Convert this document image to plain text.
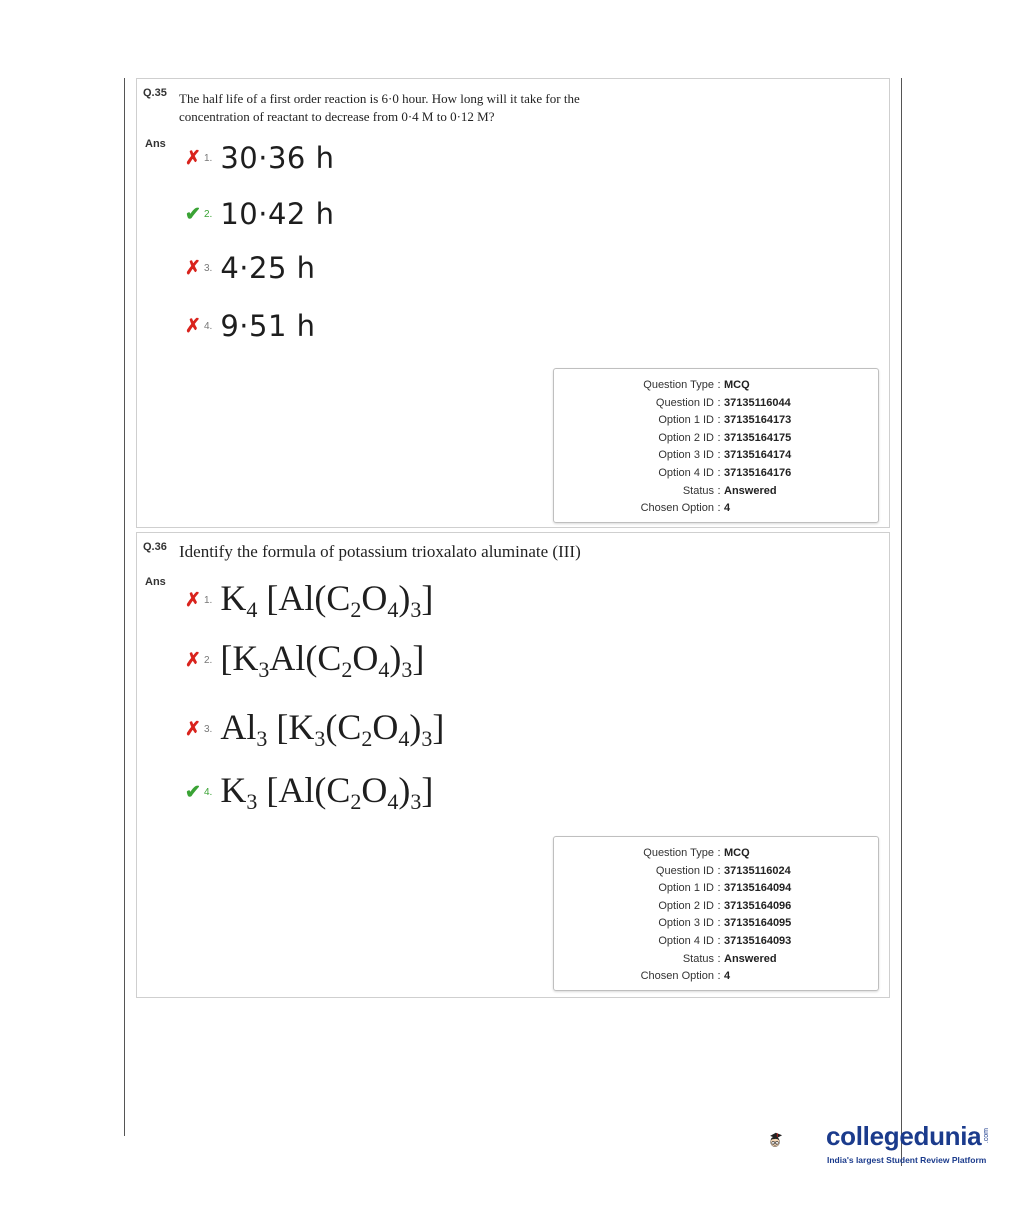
Q.35 The half life of a first order reaction is 6·0 hour. How long will it take for the
concentration of reactant to decrease from 0·4 M to 0·12 M?
Ans
✗ 1. 30·36 h
✔ 2. 10·42 h
✗ 3. 4·25 h
✗ 4. 9·51 h
Question Type : MCQ
Question ID : 37135116044
Option 1 ID : 37135164173
Option 2 ID : 37135164175
Option 3 ID : 37135164174
Option 4 ID : 37135164176
Status : Answered
Chosen Option : 4
Q.36 Identify the formula of potassium trioxalato aluminate (III)
Ans
✗ 1. $K_4$ $[Al(C_2O_4)_3]$
✗ 2. $[K_3Al(C_2O_4)_3]$
✗ 3. $Al_3$ $[K_3(C_2O_4)_3]$
✔ 4. $K_3$ $[Al(C_2O_4)_3]$
Question Type : MCQ
Question ID : 37135116024
Option 1 ID : 37135164094
Option 2 ID : 37135164096
Option 3 ID : 37135164095
Option 4 ID : 37135164093
Status : Answered
Chosen Option : 4
collegedunia .com
India's largest Student Review Platform
